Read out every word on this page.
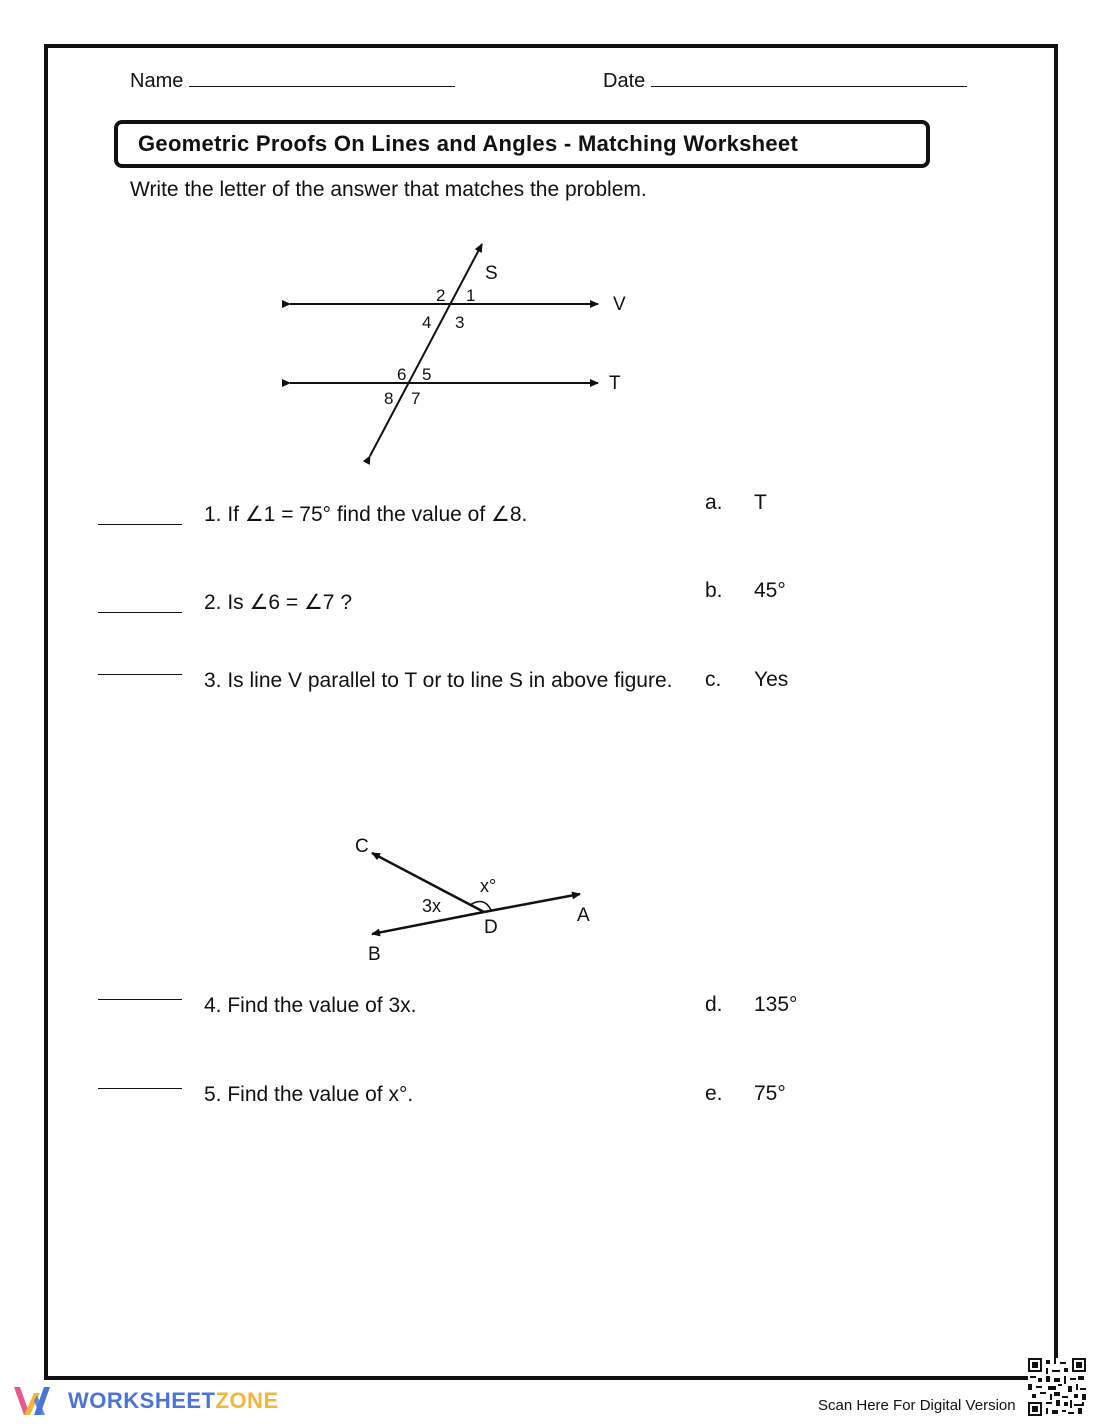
Name	Date
Geometric Proofs On Lines and Angles - Matching Worksheet
Write the letter of the answer that matches the problem.
S
V
T
1
2
3
4
5
6
7
8
1. If ∠1 = 75° find the value of ∠8.
2. Is ∠6 = ∠7 ?
3. Is line V parallel to T or to line S in above figure.
a. T
b. 45°
c. Yes
C
x°
3x
D
A
B
4. Find the value of 3x.
5. Find the value of x°.
d. 135°
e. 75°
WORKSHEETZONE	Scan Here For Digital Version
